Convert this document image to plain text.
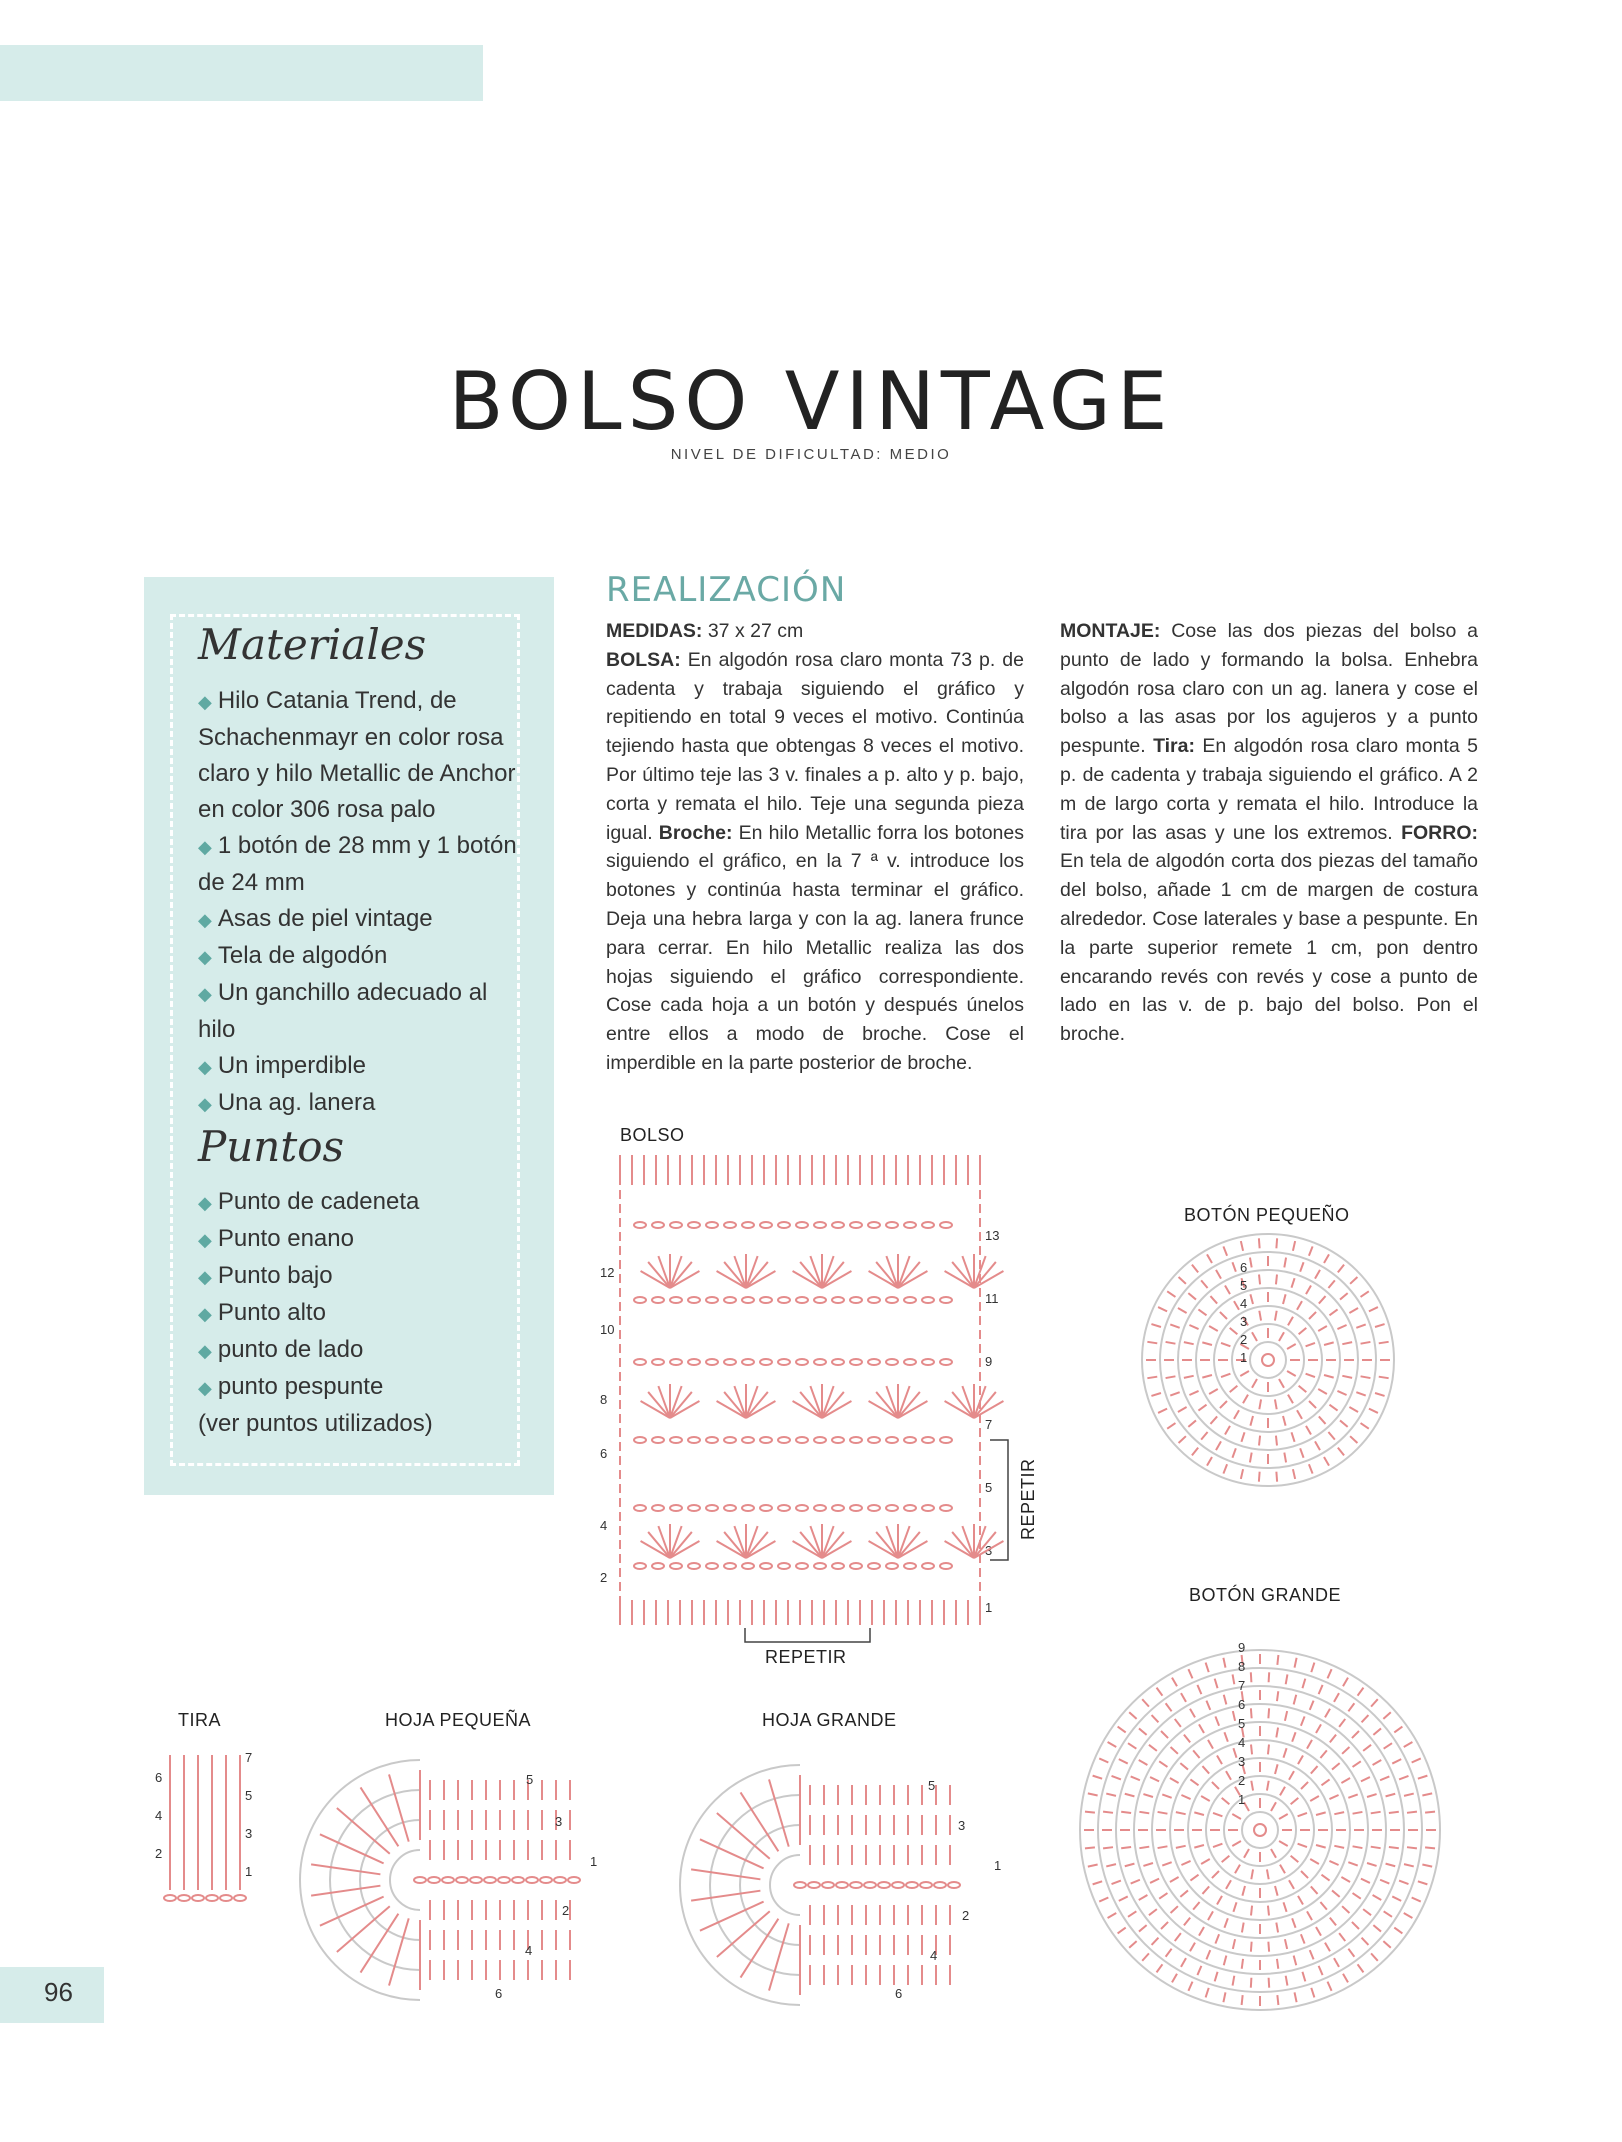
BOLSO VINTAGE
NIVEL DE DIFICULTAD: MEDIO
Materiales
◆ Hilo Catania Trend, de Schachenmayr en color rosa claro y hilo Metallic de Anchor en color 306 rosa palo
◆ 1 botón de 28 mm y 1 botón de 24 mm
◆ Asas de piel vintage
◆ Tela de algodón
◆ Un ganchillo adecuado al hilo
◆ Un imperdible
◆ Una ag. lanera
Puntos
◆ Punto de cadeneta
◆ Punto enano
◆ Punto bajo
◆ Punto alto
◆ punto de lado
◆ punto pespunte
(ver puntos utilizados)
REALIZACIÓN

MEDIDAS: 37 x 27 cm

BOLSA: En algodón rosa claro monta 73 p. de cadenta y trabaja siguiendo el gráfico y repitiendo en total 9 veces el motivo. Continúa tejiendo hasta que obtengas 8 veces el motivo. Por último teje las 3 v. finales a p. alto y p. bajo, corta y remata el hilo. Teje una segunda pieza igual. Broche: En hilo Metallic forra los botones siguiendo el gráfico, en la 7 ª v. introduce los botones y continúa hasta terminar el gráfico. Deja una hebra larga y con la ag. lanera frunce para cerrar. En hilo Metallic realiza las dos hojas siguiendo el gráfico correspondiente. Cose cada hoja a un botón y después únelos entre ellos a modo de broche. Cose el imperdible en la parte posterior de broche.

MONTAJE: Cose las dos piezas del bolso a punto de lado y formando la bolsa. Enhebra algodón rosa claro con un ag. lanera y cose el bolso a las asas por los agujeros y a punto pespunte. Tira: En algodón rosa claro monta 5 p. de cadenta y trabaja siguiendo el gráfico. A 2 m de largo corta y remata el hilo. Introduce la tira por las asas y une los extremos. FORRO: En tela de algodón corta dos piezas del tamaño del bolso, añade 1 cm de margen de costura alrededor. Cose laterales y base a pespunte. En la parte superior remete 1 cm, pon dentro encarando revés con revés y cose a punto de lado en las v. de p. bajo del bolso. Pon el broche.

BOLSO
BOTÓN PEQUEÑO
BOTÓN GRANDE
TIRA	HOJA PEQUEÑA	HOJA GRANDE
REPETIR
REPETIR
13
11
9
7
5
3
1
12
10
8
6
4
2
6
5
4
3
2
1
9
8
7
6
5
4
3
2
1
7
5
3
1
6
4
2
5
3
1
2
4
6
5
3
1
2
4
6
96
